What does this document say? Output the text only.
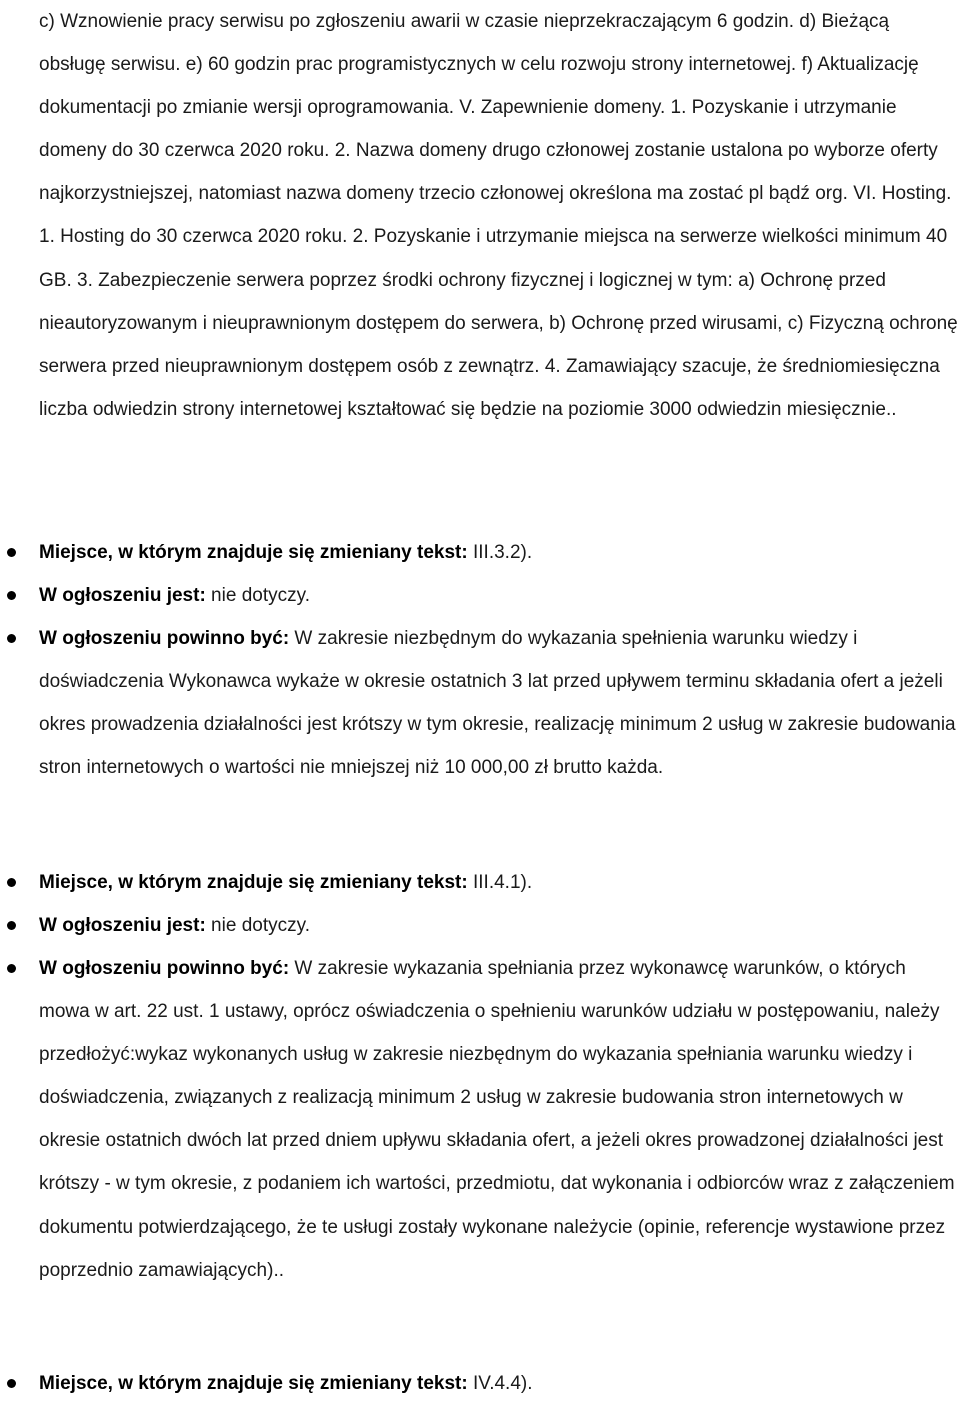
c) Wznowienie pracy serwisu po zgłoszeniu awarii w czasie nieprzekraczającym 6 godzin. d) Bieżącą obsługę serwisu. e) 60 godzin prac programistycznych w celu rozwoju strony internetowej. f) Aktualizację dokumentacji po zmianie wersji oprogramowania. V. Zapewnienie domeny. 1. Pozyskanie i utrzymanie domeny do 30 czerwca 2020 roku. 2. Nazwa domeny drugo członowej zostanie ustalona po wyborze oferty najkorzystniejszej, natomiast nazwa domeny trzecio członowej określona ma zostać pl bądź org. VI. Hosting. 1. Hosting do 30 czerwca 2020 roku. 2. Pozyskanie i utrzymanie miejsca na serwerze wielkości minimum 40 GB. 3. Zabezpieczenie serwera poprzez środki ochrony fizycznej i logicznej w tym: a) Ochronę przed nieautoryzowanym i nieuprawnionym dostępem do serwera, b) Ochronę przed wirusami, c) Fizyczną ochronę serwera przed nieuprawnionym dostępem osób z zewnątrz. 4. Zamawiający szacuje, że średniomiesięczna liczba odwiedzin strony internetowej kształtować się będzie na poziomie 3000 odwiedzin miesięcznie..

Miejsce, w którym znajduje się zmieniany tekst: III.3.2).
W ogłoszeniu jest: nie dotyczy.
W ogłoszeniu powinno być: W zakresie niezbędnym do wykazania spełnienia warunku wiedzy i doświadczenia Wykonawca wykaże w okresie ostatnich 3 lat przed upływem terminu składania ofert a jeżeli okres prowadzenia działalności jest krótszy w tym okresie, realizację minimum 2 usług w zakresie budowania stron internetowych o wartości nie mniejszej niż 10 000,00 zł brutto każda.
Miejsce, w którym znajduje się zmieniany tekst: III.4.1).
W ogłoszeniu jest: nie dotyczy.
W ogłoszeniu powinno być: W zakresie wykazania spełniania przez wykonawcę warunków, o których mowa w art. 22 ust. 1 ustawy, oprócz oświadczenia o spełnieniu warunków udziału w postępowaniu, należy przedłożyć:wykaz wykonanych usług w zakresie niezbędnym do wykazania spełniania warunku wiedzy i doświadczenia, związanych z realizacją minimum 2 usług w zakresie budowania stron internetowych w okresie ostatnich dwóch lat przed dniem upływu składania ofert, a jeżeli okres prowadzonej działalności jest krótszy - w tym okresie, z podaniem ich wartości, przedmiotu, dat wykonania i odbiorców wraz z załączeniem dokumentu potwierdzającego, że te usługi zostały wykonane należycie (opinie, referencje wystawione przez poprzednio zamawiających)..
Miejsce, w którym znajduje się zmieniany tekst: IV.4.4).
